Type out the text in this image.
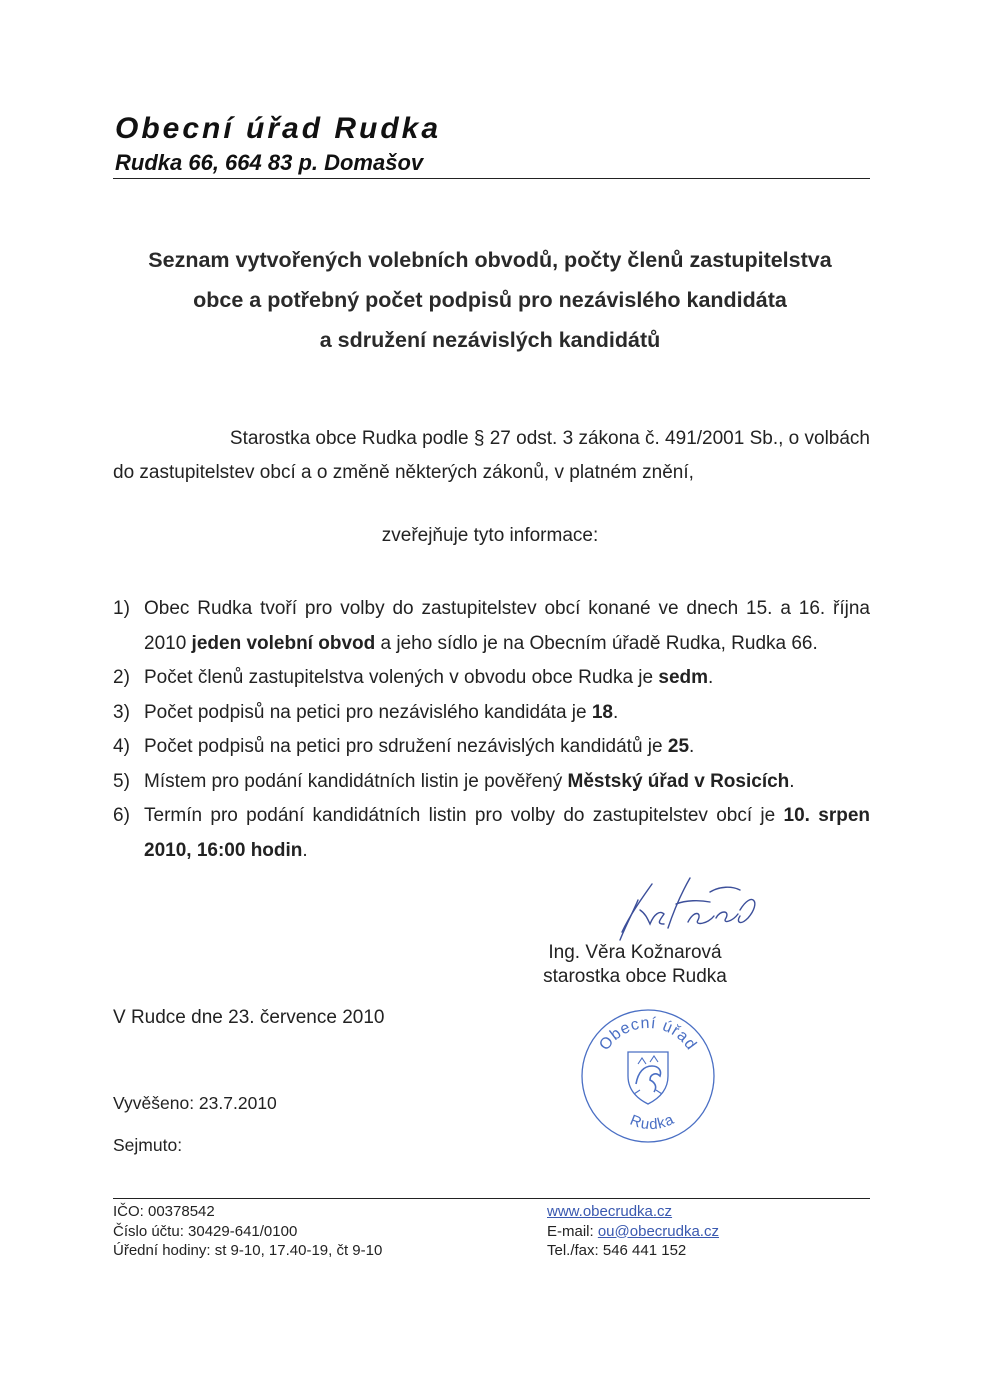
Obecní úřad Rudka
Rudka 66, 664 83 p. Domašov
Seznam vytvořených volebních obvodů, počty členů zastupitelstva
obce a potřebný počet podpisů pro nezávislého kandidáta
a sdružení nezávislých kandidátů
Starostka obce Rudka podle § 27 odst. 3 zákona č. 491/2001 Sb., o volbách
do zastupitelstev obcí a o změně některých zákonů, v platném znění,
zveřejňuje tyto informace:
1) Obec Rudka tvoří pro volby do zastupitelstev obcí konané ve dnech 15. a 16. října 2010 jeden volební obvod a jeho sídlo je na Obecním úřadě Rudka, Rudka 66.
2) Počet členů zastupitelstva volených v obvodu obce Rudka je sedm.
3) Počet podpisů na petici pro nezávislého kandidáta je 18.
4) Počet podpisů na petici pro sdružení nezávislých kandidátů je 25.
5) Místem pro podání kandidátních listin je pověřený Městský úřad v Rosicích.
6) Termín pro podání kandidátních listin pro volby do zastupitelstev obcí je 10. srpen 2010, 16:00 hodin.
Ing. Věra Kožnarová
starostka obce Rudka
V Rudce dne 23. července 2010
Obecní úřad
Rudka
Vyvěšeno: 23.7.2010
Sejmuto:
IČO: 00378542
Číslo účtu: 30429-641/0100
Úřední hodiny: st 9-10, 17.40-19, čt 9-10
www.obecrudka.cz
E-mail: ou@obecrudka.cz
Tel./fax: 546 441 152
